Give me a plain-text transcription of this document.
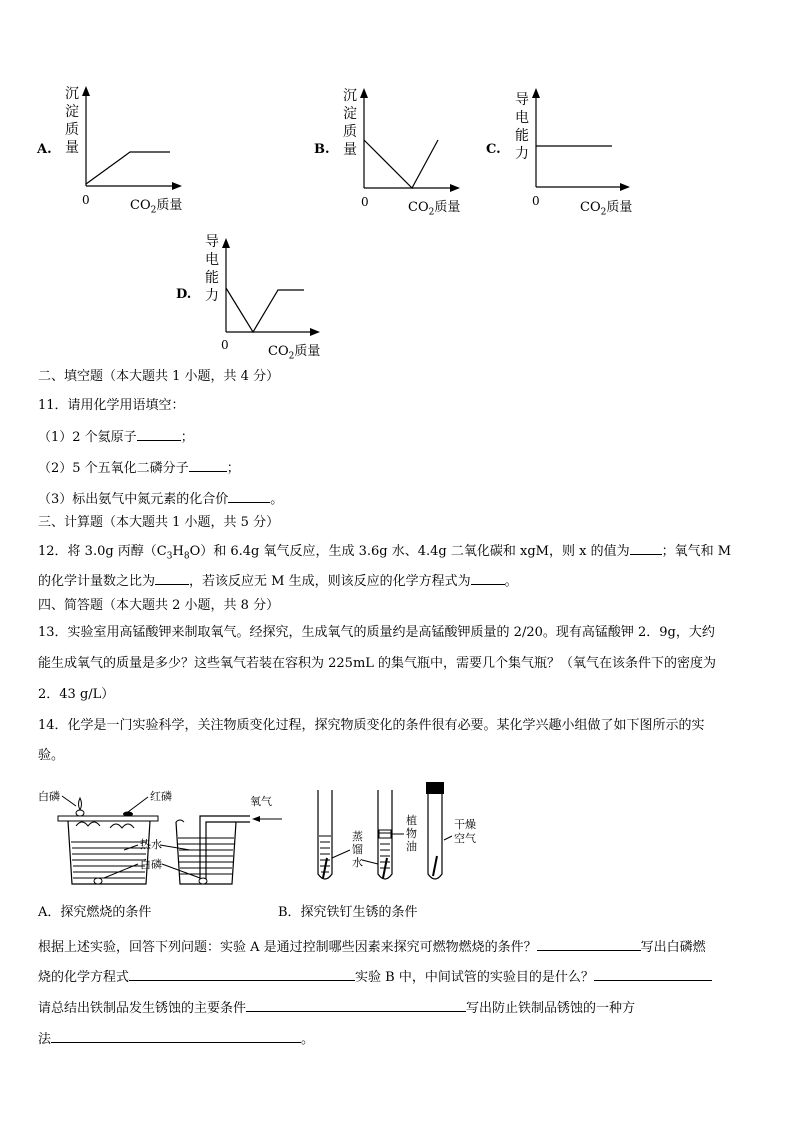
A.
沉
淀
质
量
0	$CO_2$质量
B.
沉
淀
质
量
0	$CO_2$质量
C.
导
电
能
力
0	$CO_2$质量
D.
导
电
能
力
0	$CO_2$质量
二、填空题（本大题共 1 小题，共 4 分）
11．请用化学用语填空：
（1）2 个氦原子	；
（2）5 个五氧化二磷分子	；
（3）标出氨气中氮元素的化合价	。
三、计算题（本大题共 1 小题，共 5 分）
12．将 3.0g 丙醇$(C_3H_8O)$和 6.4g 氧气反应，生成 3.6g 水、4.4g 二氧化碳和 xgM，则 x 的值为 ；氧气和 M
的化学计量数之比为	，若该反应无 M 生成，则该反应的化学方程式为	。
四、简答题（本大题共 2 小题，共 8 分）
13．实验室用高锰酸钾来制取氧气。经探究，生成氧气的质量约是高锰酸钾质量的 2/20。现有高锰酸钾 2．9g，大约
能生成氧气的质量是多少？这些氧气若装在容积为 225mL 的集气瓶中，需要几个集气瓶？（氧气在该条件下的密度为
2．43 g/L）
14．化学是一门实验科学，关注物质变化过程，探究物质变化的条件很有必要。某化学兴趣小组做了如下图所示的实
验。
白磷	红磷	氧气
热水
白磷
蒸
馏
水
植
物
油
干燥
空气
A．探究燃烧的条件	B．探究铁钉生锈的条件
根据上述实验，回答下列问题：实验 A 是通过控制哪些因素来探究可燃物燃烧的条件？	写出白磷燃
烧的化学方程式	实验 B 中，中间试管的实验目的是什么？
请总结出铁制品发生锈蚀的主要条件	写出防止铁制品锈蚀的一种方
法	。
